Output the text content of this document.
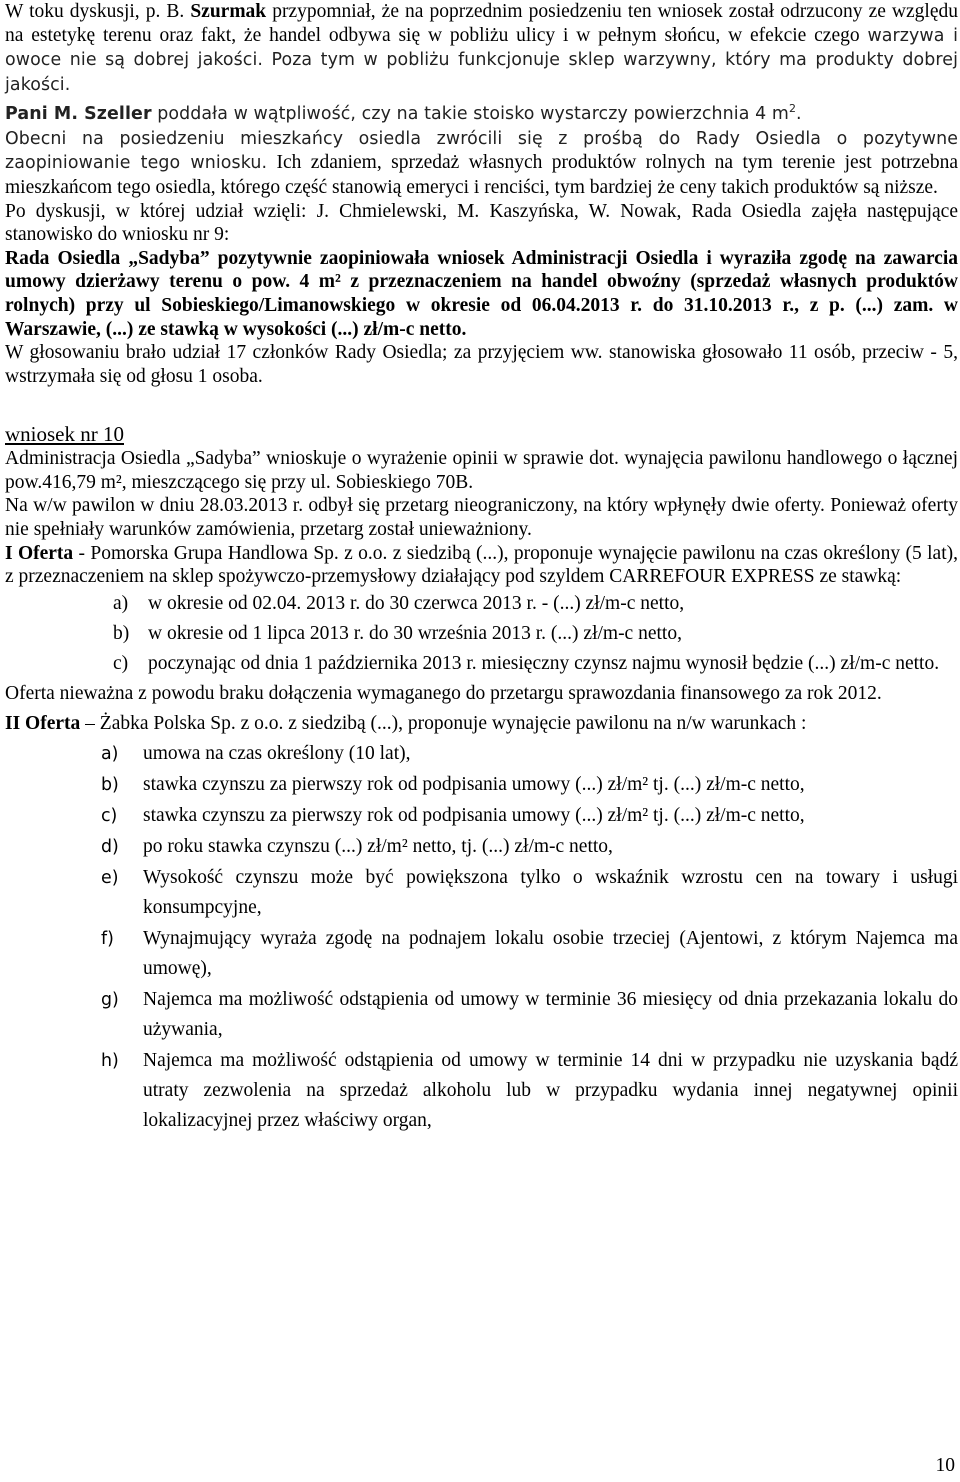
W toku dyskusji, p. B. Szurmak przypomniał, że na poprzednim posiedzeniu ten wniosek został odrzucony ze względu na estetykę terenu oraz fakt, że handel odbywa się w pobliżu ulicy i w pełnym słońcu, w efekcie czego warzywa i owoce nie są dobrej jakości. Poza tym w pobliżu funkcjonuje sklep warzywny, który ma produkty dobrej jakości.

Pani M. Szeller poddała w wątpliwość, czy na takie stoisko wystarczy powierzchnia 4 $m^2$.

Obecni na posiedzeniu mieszkańcy osiedla zwrócili się z prośbą do Rady Osiedla o pozytywne zaopiniowanie tego wniosku. Ich zdaniem, sprzedaż własnych produktów rolnych na tym terenie jest potrzebna mieszkańcom tego osiedla, którego część stanowią emeryci i renciści, tym bardziej że ceny takich produktów są niższe.

Po dyskusji, w której udział wzięli: J. Chmielewski, M. Kaszyńska, W. Nowak, Rada Osiedla zajęła następujące stanowisko do wniosku nr 9:

Rada Osiedla „Sadyba” pozytywnie zaopiniowała wniosek Administracji Osiedla i wyraziła zgodę na zawarcia umowy dzierżawy terenu o pow. 4 m² z przeznaczeniem na handel obwoźny (sprzedaż własnych produktów rolnych) przy ul Sobieskiego/Limanowskiego w okresie od 06.04.2013 r. do 31.10.2013 r., z p. (...) zam. w Warszawie, (...) ze stawką w wysokości (...) zł/m-c netto.

W głosowaniu brało udział 17 członków Rady Osiedla; za przyjęciem ww. stanowiska głosowało 11 osób, przeciw - 5, wstrzymała się od głosu 1 osoba.

wniosek nr 10

Administracja Osiedla „Sadyba” wnioskuje o wyrażenie opinii w sprawie dot. wynajęcia pawilonu handlowego o łącznej pow.416,79 m², mieszczącego się przy ul. Sobieskiego 70B.

Na w/w pawilon w dniu 28.03.2013 r. odbył się przetarg nieograniczony, na który wpłynęły dwie oferty. Ponieważ oferty nie spełniały warunków zamówienia, przetarg został unieważniony.

I Oferta - Pomorska Grupa Handlowa Sp. z o.o. z siedzibą (...), proponuje wynajęcie pawilonu na czas określony (5 lat), z przeznaczeniem na sklep spożywczo-przemysłowy działający pod szyldem CARREFOUR EXPRESS ze stawką:

a)	w okresie od 02.04. 2013 r. do 30 czerwca 2013 r. - (...) zł/m-c netto,
b) w okresie od 1 lipca 2013 r. do 30 września 2013 r. (...) zł/m-c netto,
c)	poczynając od dnia 1 października 2013 r. miesięczny czynsz najmu wynosił będzie (...) zł/m-c netto.

Oferta nieważna z powodu braku dołączenia wymaganego do przetargu sprawozdania finansowego za rok 2012.

II Oferta – Żabka Polska Sp. z o.o. z siedzibą (...), proponuje wynajęcie pawilonu na n/w warunkach :

a)	umowa na czas określony (10 lat),
b)	stawka czynszu za pierwszy rok od podpisania umowy (...) zł/m² tj. (...) zł/m-c netto,
c)	stawka czynszu za pierwszy rok od podpisania umowy (...) zł/m² tj. (...) zł/m-c netto,
d)	po roku stawka czynszu (...) zł/m² netto, tj. (...) zł/m-c netto,
e)	Wysokość czynszu może być powiększona tylko o wskaźnik wzrostu cen na towary i usługi konsumpcyjne,
f)	Wynajmujący wyraża zgodę na podnajem lokalu osobie trzeciej (Ajentowi, z którym Najemca ma umowę),
g)	Najemca ma możliwość odstąpienia od umowy w terminie 36 miesięcy od dnia przekazania lokalu do używania,
h)	Najemca ma możliwość odstąpienia od umowy w terminie 14 dni w przypadku nie uzyskania bądź utraty zezwolenia na sprzedaż alkoholu lub w przypadku wydania innej negatywnej opinii lokalizacyjnej przez właściwy organ,
10
